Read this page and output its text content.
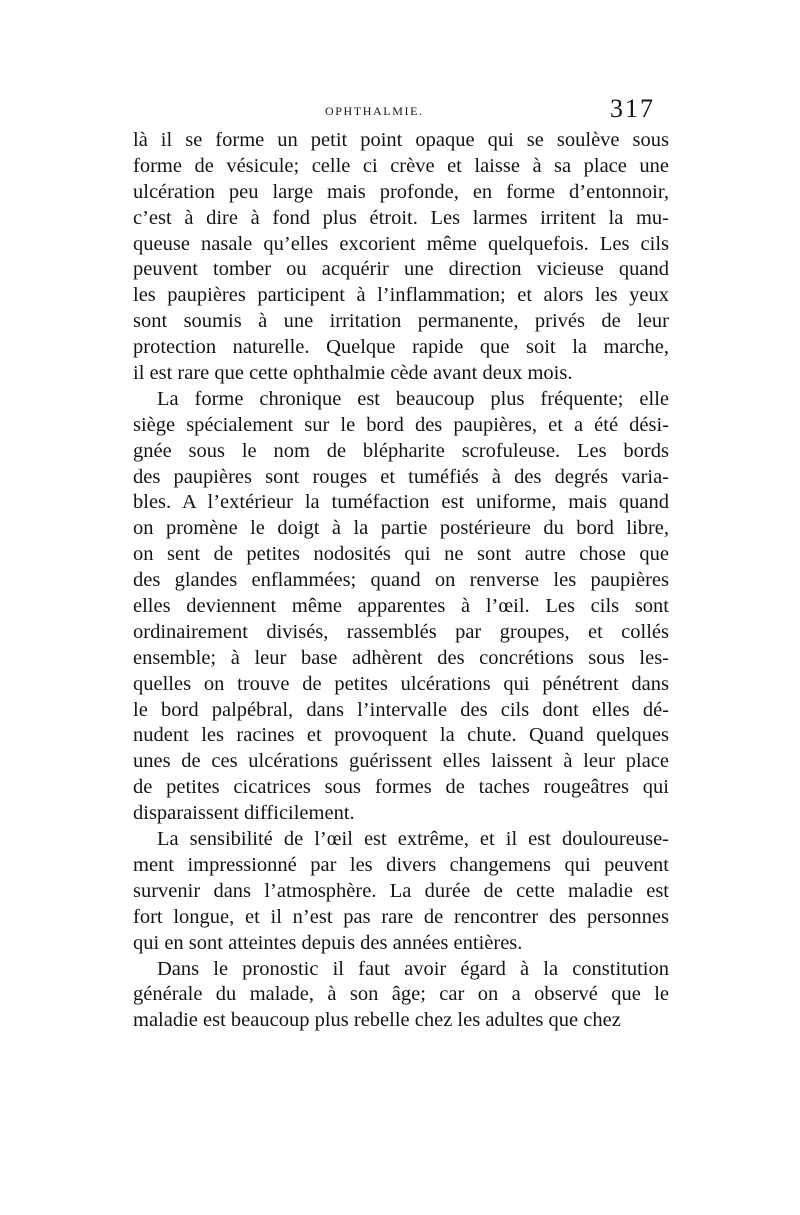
OPHTHALMIE.	317
là il se forme un petit point opaque qui se soulève sous
forme de vésicule; celle ci crève et laisse à sa place une
ulcération peu large mais profonde, en forme d’entonnoir,
c’est à dire à fond plus étroit. Les larmes irritent la mu-
queuse nasale qu’elles excorient même quelquefois. Les cils
peuvent tomber ou acquérir une direction vicieuse quand
les paupières participent à l’inflammation; et alors les yeux
sont soumis à une irritation permanente, privés de leur
protection naturelle. Quelque rapide que soit la marche,
il est rare que cette ophthalmie cède avant deux mois.
La forme chronique est beaucoup plus fréquente; elle
siège spécialement sur le bord des paupières, et a été dési-
gnée sous le nom de blépharite scrofuleuse. Les bords
des paupières sont rouges et tuméfiés à des degrés varia-
bles. A l’extérieur la tuméfaction est uniforme, mais quand
on promène le doigt à la partie postérieure du bord libre,
on sent de petites nodosités qui ne sont autre chose que
des glandes enflammées; quand on renverse les paupières
elles deviennent même apparentes à l’œil. Les cils sont
ordinairement divisés, rassemblés par groupes, et collés
ensemble; à leur base adhèrent des concrétions sous les-
quelles on trouve de petites ulcérations qui pénétrent dans
le bord palpébral, dans l’intervalle des cils dont elles dé-
nudent les racines et provoquent la chute. Quand quelques
unes de ces ulcérations guérissent elles laissent à leur place
de petites cicatrices sous formes de taches rougeâtres qui
disparaissent difficilement.
La sensibilité de l’œil est extrême, et il est douloureuse-
ment impressionné par les divers changemens qui peuvent
survenir dans l’atmosphère. La durée de cette maladie est
fort longue, et il n’est pas rare de rencontrer des personnes
qui en sont atteintes depuis des années entières.
Dans le pronostic il faut avoir égard à la constitution
générale du malade, à son âge; car on a observé que le
maladie est beaucoup plus rebelle chez les adultes que chez
